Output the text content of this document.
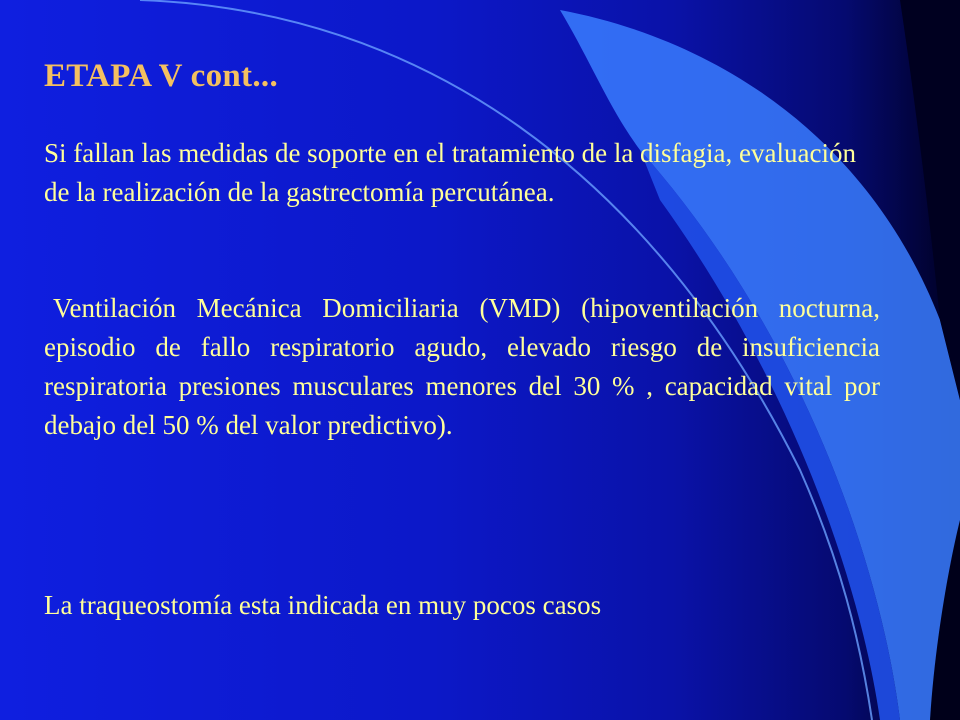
ETAPA V cont...
Si fallan las medidas de soporte en el tratamiento de la disfagia, evaluación de la realización de la gastrectomía percutánea.
Ventilación Mecánica Domiciliaria (VMD) (hipoventilación nocturna, episodio de fallo respiratorio agudo, elevado riesgo de insuficiencia respiratoria presiones musculares menores del 30 % , capacidad vital por debajo del 50 % del valor predictivo).
La traqueostomía esta indicada en muy pocos casos
